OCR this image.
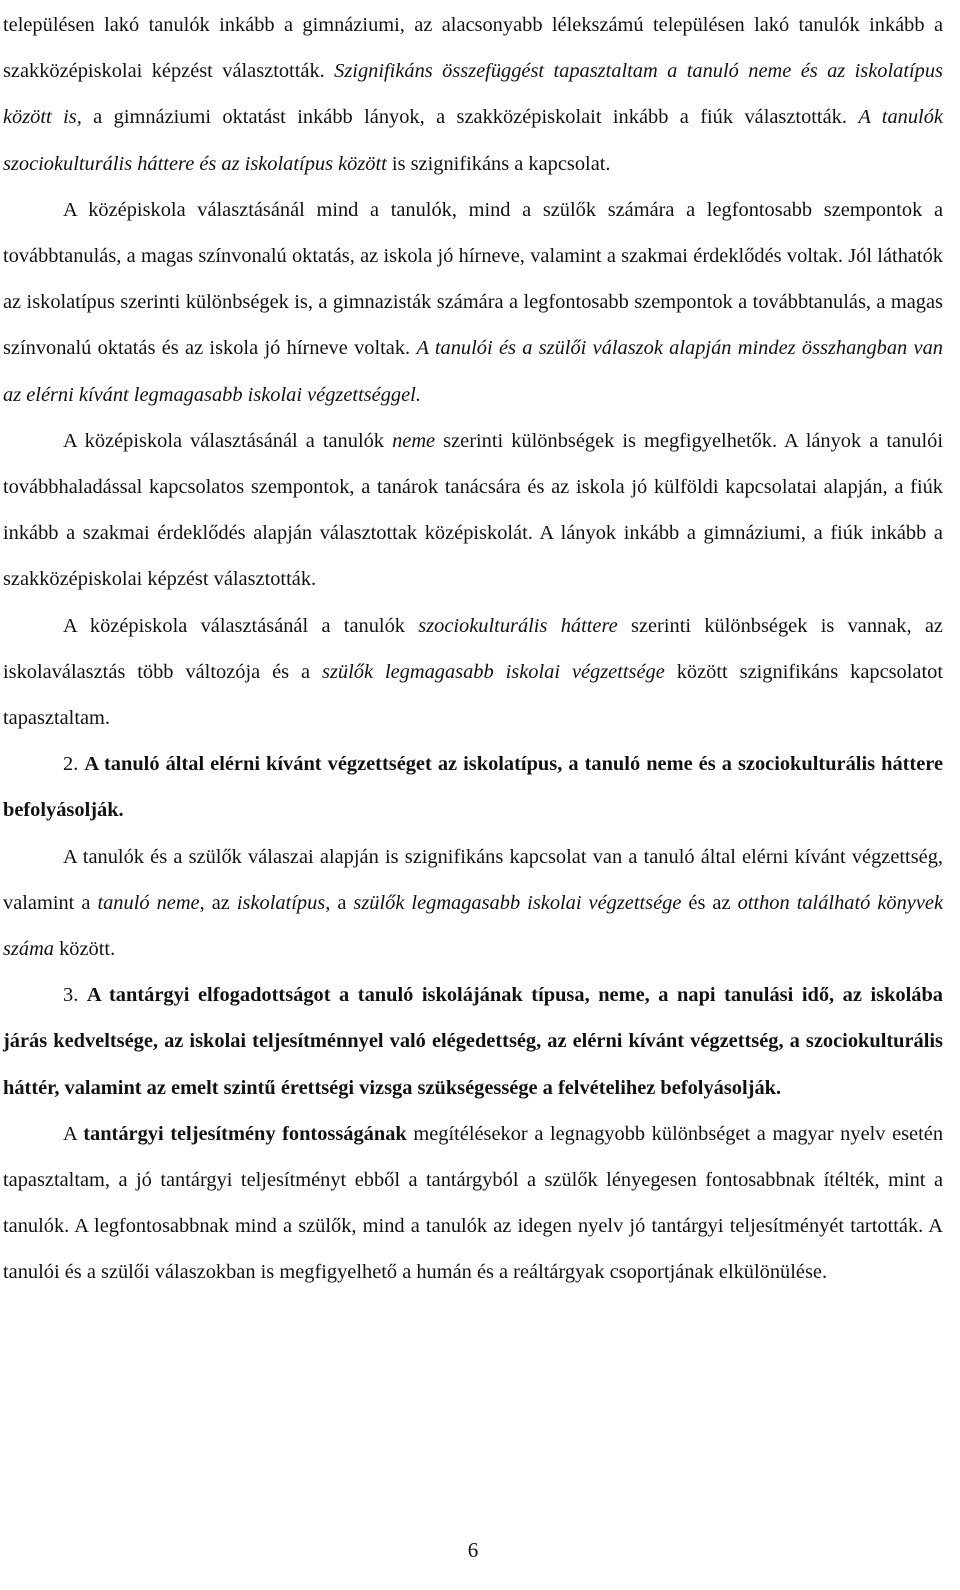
településen lakó tanulók inkább a gimnáziumi, az alacsonyabb lélekszámú településen lakó tanulók inkább a szakközépiskolai képzést választották. Szignifikáns összefüggést tapasztaltam a tanuló neme és az iskolatípus között is, a gimnáziumi oktatást inkább lányok, a szakközépiskolait inkább a fiúk választották. A tanulók szociokulturális háttere és az iskolatípus között is szignifikáns a kapcsolat.

A középiskola választásánál mind a tanulók, mind a szülők számára a legfontosabb szempontok a továbbtanulás, a magas színvonalú oktatás, az iskola jó hírneve, valamint a szakmai érdeklődés voltak. Jól láthatók az iskolatípus szerinti különbségek is, a gimnazisták számára a legfontosabb szempontok a továbbtanulás, a magas színvonalú oktatás és az iskola jó hírneve voltak. A tanulói és a szülői válaszok alapján mindez összhangban van az elérni kívánt legmagasabb iskolai végzettséggel.

A középiskola választásánál a tanulók neme szerinti különbségek is megfigyelhetők. A lányok a tanulói továbbhaladással kapcsolatos szempontok, a tanárok tanácsára és az iskola jó külföldi kapcsolatai alapján, a fiúk inkább a szakmai érdeklődés alapján választottak középiskolát. A lányok inkább a gimnáziumi, a fiúk inkább a szakközépiskolai képzést választották.

A középiskola választásánál a tanulók szociokulturális háttere szerinti különbségek is vannak, az iskolaválasztás több változója és a szülők legmagasabb iskolai végzettsége között szignifikáns kapcsolatot tapasztaltam.

2. A tanuló által elérni kívánt végzettséget az iskolatípus, a tanuló neme és a szociokulturális háttere befolyásolják.

A tanulók és a szülők válaszai alapján is szignifikáns kapcsolat van a tanuló által elérni kívánt végzettség, valamint a tanuló neme, az iskolatípus, a szülők legmagasabb iskolai végzettsége és az otthon található könyvek száma között.

3. A tantárgyi elfogadottságot a tanuló iskolájának típusa, neme, a napi tanulási idő, az iskolába járás kedveltsége, az iskolai teljesítménnyel való elégedettség, az elérni kívánt végzettség, a szociokulturális háttér, valamint az emelt szintű érettségi vizsga szükségessége a felvételihez befolyásolják.

A tantárgyi teljesítmény fontosságának megítélésekor a legnagyobb különbséget a magyar nyelv esetén tapasztaltam, a jó tantárgyi teljesítményt ebből a tantárgyból a szülők lényegesen fontosabbnak ítélték, mint a tanulók. A legfontosabbnak mind a szülők, mind a tanulók az idegen nyelv jó tantárgyi teljesítményét tartották. A tanulói és a szülői válaszokban is megfigyelhető a humán és a reáltárgyak csoportjának elkülönülése.

6
